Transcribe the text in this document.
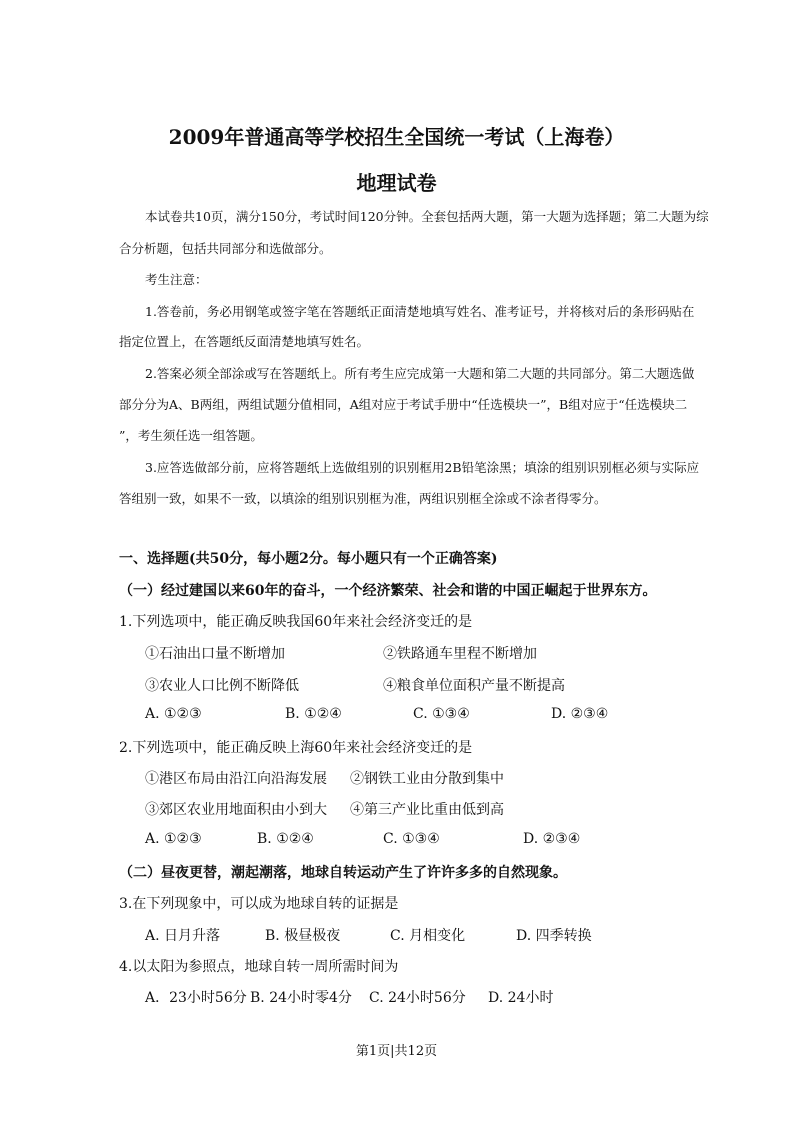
2009年普通高等学校招生全国统一考试（上海卷）
地理试卷
本试卷共10页，满分150分，考试时间120分钟。全套包括两大题，第一大题为选择题；第二大题为综
合分析题，包括共同部分和选做部分。
考生注意：
1.答卷前，务必用钢笔或签字笔在答题纸正面清楚地填写姓名、准考证号，并将核对后的条形码贴在
指定位置上，在答题纸反面清楚地填写姓名。
2.答案必须全部涂或写在答题纸上。所有考生应完成第一大题和第二大题的共同部分。第二大题选做
部分分为A、B两组，两组试题分值相同，A组对应于考试手册中“任选模块一”，B组对应于“任选模块二
”，考生须任选一组答题。
3.应答选做部分前，应将答题纸上选做组别的识别框用2B铅笔涂黑；填涂的组别识别框必须与实际应
答组别一致，如果不一致，以填涂的组别识别框为准，两组识别框全涂或不涂者得零分。
一、选择题(共50分，每小题2分。每小题只有一个正确答案)
（一）经过建国以来60年的奋斗，一个经济繁荣、社会和谐的中国正崛起于世界东方。
1.下列选项中，能正确反映我国60年来社会经济变迁的是
①石油出口量不断增加	②铁路通车里程不断增加
③农业人口比例不断降低	④粮食单位面积产量不断提高
A. ①②③	B. ①②④	C. ①③④	D. ②③④
2.下列选项中，能正确反映上海60年来社会经济变迁的是
①港区布局由沿江向沿海发展 ②钢铁工业由分散到集中
③郊区农业用地面积由小到大 ④第三产业比重由低到高
A. ①②③	B. ①②④	C. ①③④	D. ②③④
（二）昼夜更替，潮起潮落，地球自转运动产生了许许多多的自然现象。
3.在下列现象中，可以成为地球自转的证据是
A. 日月升落	B. 极昼极夜	C. 月相变化	D. 四季转换
4.以太阳为参照点，地球自转一周所需时间为
A．23小时56分 B. 24小时零4分 C. 24小时56分 D. 24小时
第1页|共12页
